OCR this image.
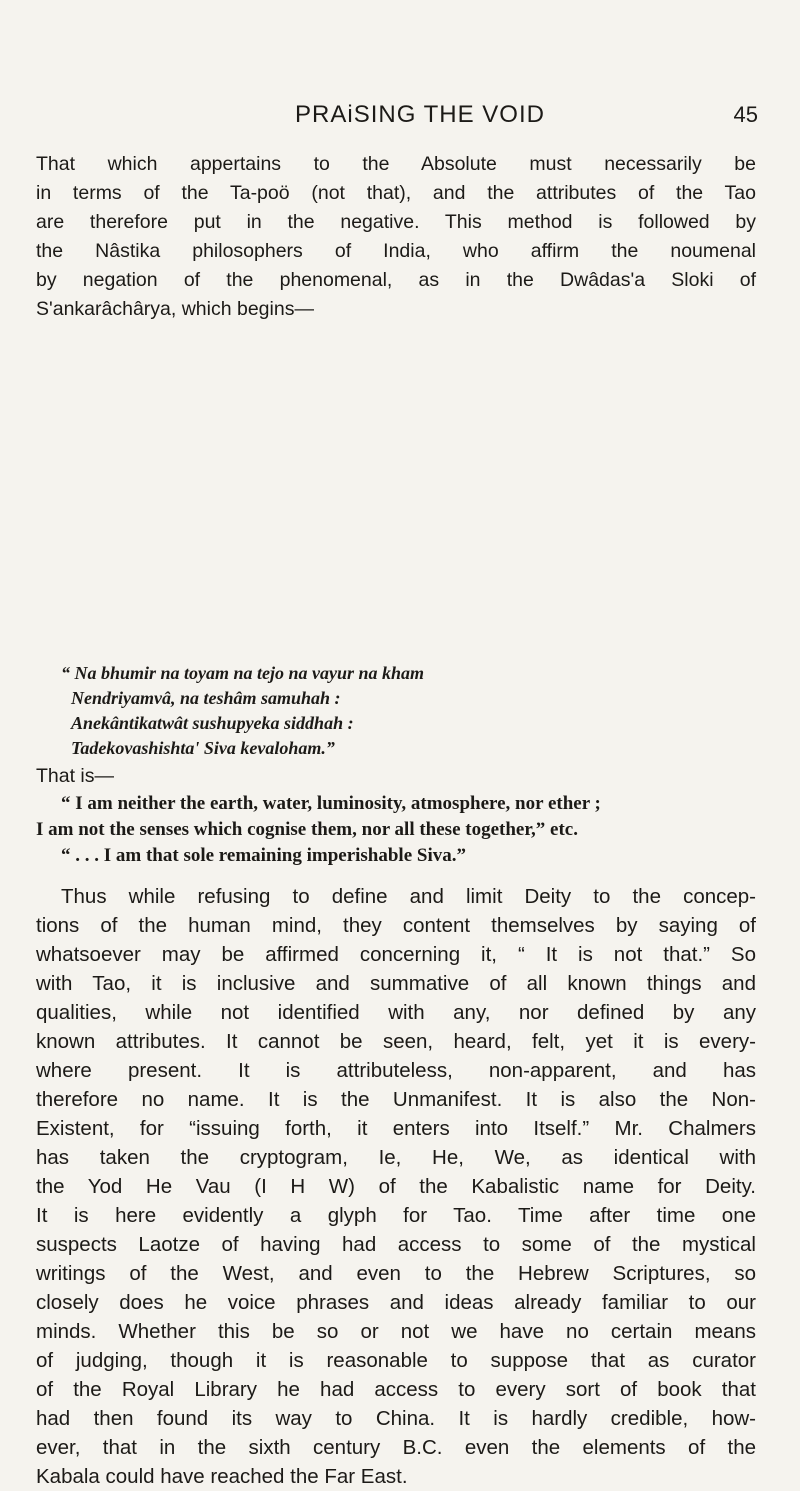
PRAiSING THE VOID	45
That which appertains to the Absolute must necessarily be
in terms of the Ta-poö (not that), and the attributes of the Tao
are therefore put in the negative. This method is followed by
the Nâstika philosophers of India, who affirm the noumenal
by negation of the phenomenal, as in the Dwâdas'a Sloki of
S'ankarâchârya, which begins—
“ Na bhumir na toyam na tejo na vayur na kham
Nendriyamvâ, na teshâm samuhah :
Anekântikatwât sushupyeka siddhah :
Tadekovashishta' Siva kevaloham.”
That is—
“ I am neither the earth, water, luminosity, atmosphere, nor ether ;
I am not the senses which cognise them, nor all these together,” etc.
“ . . . I am that sole remaining imperishable Siva.”
Thus while refusing to define and limit Deity to the concep-
tions of the human mind, they content themselves by saying of
whatsoever may be affirmed concerning it, “ It is not that.” So
with Tao, it is inclusive and summative of all known things and
qualities, while not identified with any, nor defined by any
known attributes. It cannot be seen, heard, felt, yet it is every-
where present. It is attributeless, non-apparent, and has
therefore no name. It is the Unmanifest. It is also the Non-
Existent, for “issuing forth, it enters into Itself.” Mr. Chalmers
has taken the cryptogram, Ie, He, We, as identical with
the Yod He Vau (I H W) of the Kabalistic name for Deity.
It is here evidently a glyph for Tao. Time after time one
suspects Laotze of having had access to some of the mystical
writings of the West, and even to the Hebrew Scriptures, so
closely does he voice phrases and ideas already familiar to our
minds. Whether this be so or not we have no certain means
of judging, though it is reasonable to suppose that as curator
of the Royal Library he had access to every sort of book that
had then found its way to China. It is hardly credible, how-
ever, that in the sixth century B.C. even the elements of the
Kabala could have reached the Far East.
